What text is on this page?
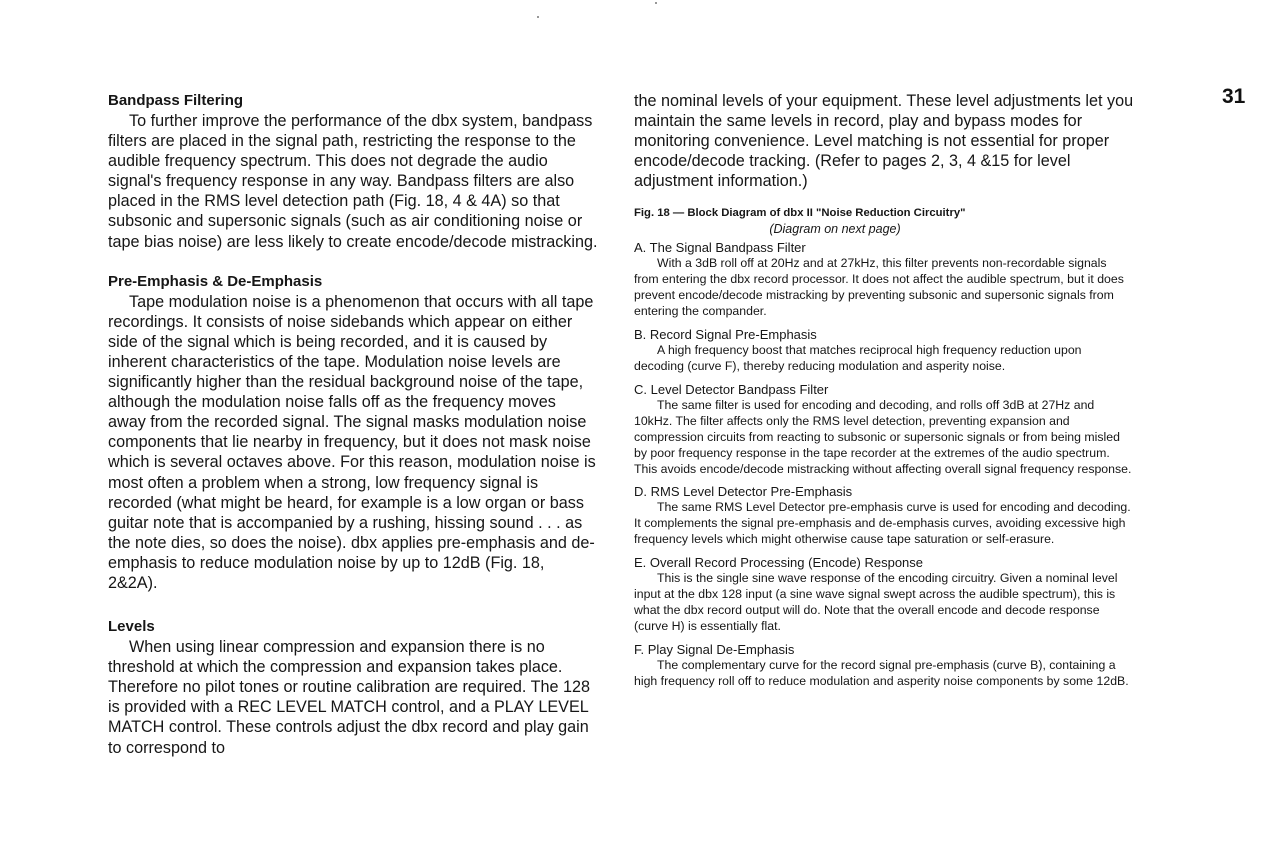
31
Bandpass Filtering

To further improve the performance of the dbx system, bandpass filters are placed in the signal path, restricting the response to the audible frequency spectrum. This does not degrade the audio signal's frequency response in any way. Bandpass filters are also placed in the RMS level detection path (Fig. 18, 4 & 4A) so that subsonic and supersonic signals (such as air conditioning noise or tape bias noise) are less likely to create encode/decode mistracking.

Pre-Emphasis & De-Emphasis

Tape modulation noise is a phenomenon that occurs with all tape recordings. It consists of noise sidebands which appear on either side of the signal which is being recorded, and it is caused by inherent characteristics of the tape. Modulation noise levels are significantly higher than the residual background noise of the tape, although the modulation noise falls off as the frequency moves away from the recorded signal. The signal masks modulation noise components that lie nearby in frequency, but it does not mask noise which is several octaves above. For this reason, modulation noise is most often a problem when a strong, low frequency signal is recorded (what might be heard, for example is a low organ or bass guitar note that is accompanied by a rushing, hissing sound . . . as the note dies, so does the noise). dbx applies pre-emphasis and de-emphasis to reduce modulation noise by up to 12dB (Fig. 18, 2&2A).

Levels

When using linear compression and expansion there is no threshold at which the compression and expansion takes place. Therefore no pilot tones or routine calibration are required. The 128 is provided with a REC LEVEL MATCH control, and a PLAY LEVEL MATCH control. These controls adjust the dbx record and play gain to correspond to

the nominal levels of your equipment. These level adjustments let you maintain the same levels in record, play and bypass modes for monitoring convenience. Level matching is not essential for proper encode/decode tracking. (Refer to pages 2, 3, 4 &15 for level adjustment information.)

Fig. 18 — Block Diagram of dbx II "Noise Reduction Circuitry"

(Diagram on next page)

A. The Signal Bandpass Filter

With a 3dB roll off at 20Hz and at 27kHz, this filter prevents non-recordable signals from entering the dbx record processor. It does not affect the audible spectrum, but it does prevent encode/decode mistracking by preventing subsonic and supersonic signals from entering the compander.

B. Record Signal Pre-Emphasis

A high frequency boost that matches reciprocal high frequency reduction upon decoding (curve F), thereby reducing modulation and asperity noise.

C. Level Detector Bandpass Filter

The same filter is used for encoding and decoding, and rolls off 3dB at 27Hz and 10kHz. The filter affects only the RMS level detection, preventing expansion and compression circuits from reacting to subsonic or supersonic signals or from being misled by poor frequency response in the tape recorder at the extremes of the audio spectrum. This avoids encode/decode mistracking without affecting overall signal frequency response.

D. RMS Level Detector Pre-Emphasis

The same RMS Level Detector pre-emphasis curve is used for encoding and decoding. It complements the signal pre-emphasis and de-emphasis curves, avoiding excessive high frequency levels which might otherwise cause tape saturation or self-erasure.

E. Overall Record Processing (Encode) Response

This is the single sine wave response of the encoding circuitry. Given a nominal level input at the dbx 128 input (a sine wave signal swept across the audible spectrum), this is what the dbx record output will do. Note that the overall encode and decode response (curve H) is essentially flat.

F. Play Signal De-Emphasis

The complementary curve for the record signal pre-emphasis (curve B), containing a high frequency roll off to reduce modulation and asperity noise components by some 12dB.
